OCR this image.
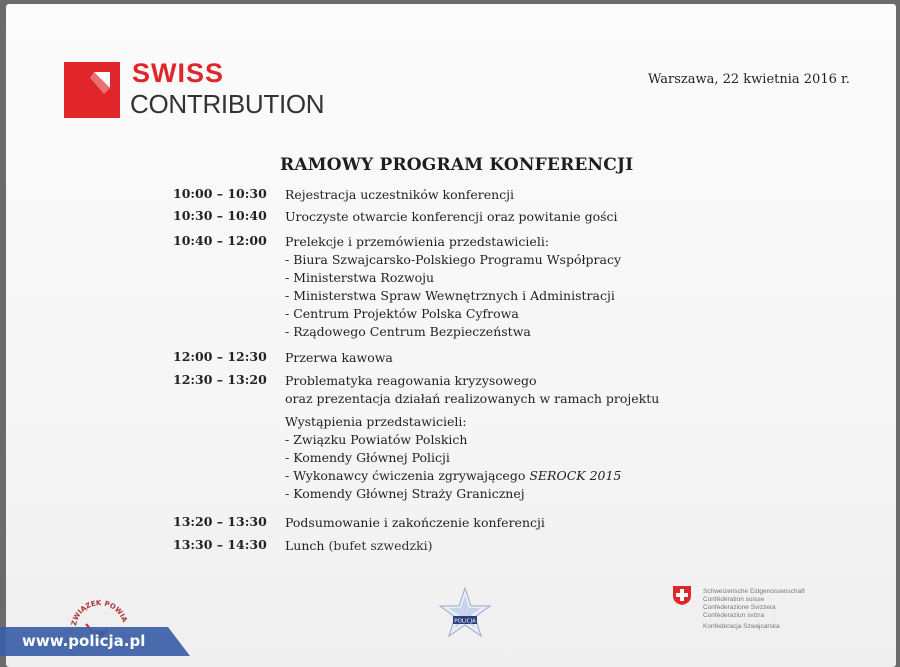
SWISS
CONTRIBUTION
Warszawa, 22 kwietnia 2016 r.
RAMOWY PROGRAM KONFERENCJI
10:00 – 10:30	Rejestracja uczestników konferencji
10:30 – 10:40	Uroczyste otwarcie konferencji oraz powitanie gości
10:40 – 12:00	Prelekcje i przemówienia przedstawicieli:
- Biura Szwajcarsko-Polskiego Programu Współpracy
- Ministerstwa Rozwoju
- Ministerstwa Spraw Wewnętrznych i Administracji
- Centrum Projektów Polska Cyfrowa
- Rządowego Centrum Bezpieczeństwa
12:00 – 12:30	Przerwa kawowa
12:30 – 13:20	Problematyka reagowania kryzysowego
oraz prezentacja działań realizowanych w ramach projektu
Wystąpienia przedstawicieli:
- Związku Powiatów Polskich
- Komendy Głównej Policji
- Wykonawcy ćwiczenia zgrywającego SEROCK 2015
- Komendy Głównej Straży Granicznej
13:20 – 13:30	Podsumowanie i zakończenie konferencji
13:30 – 14:30	Lunch (bufet szwedzki)
ZWIĄZEK POWIA	POLICJA
Schweizerische Eidgenossenschaft
Confédération suisse
Confederazione Svizzera
Confederaziun svizra
Konfederacja Szwajcarska
www.policja.pl
